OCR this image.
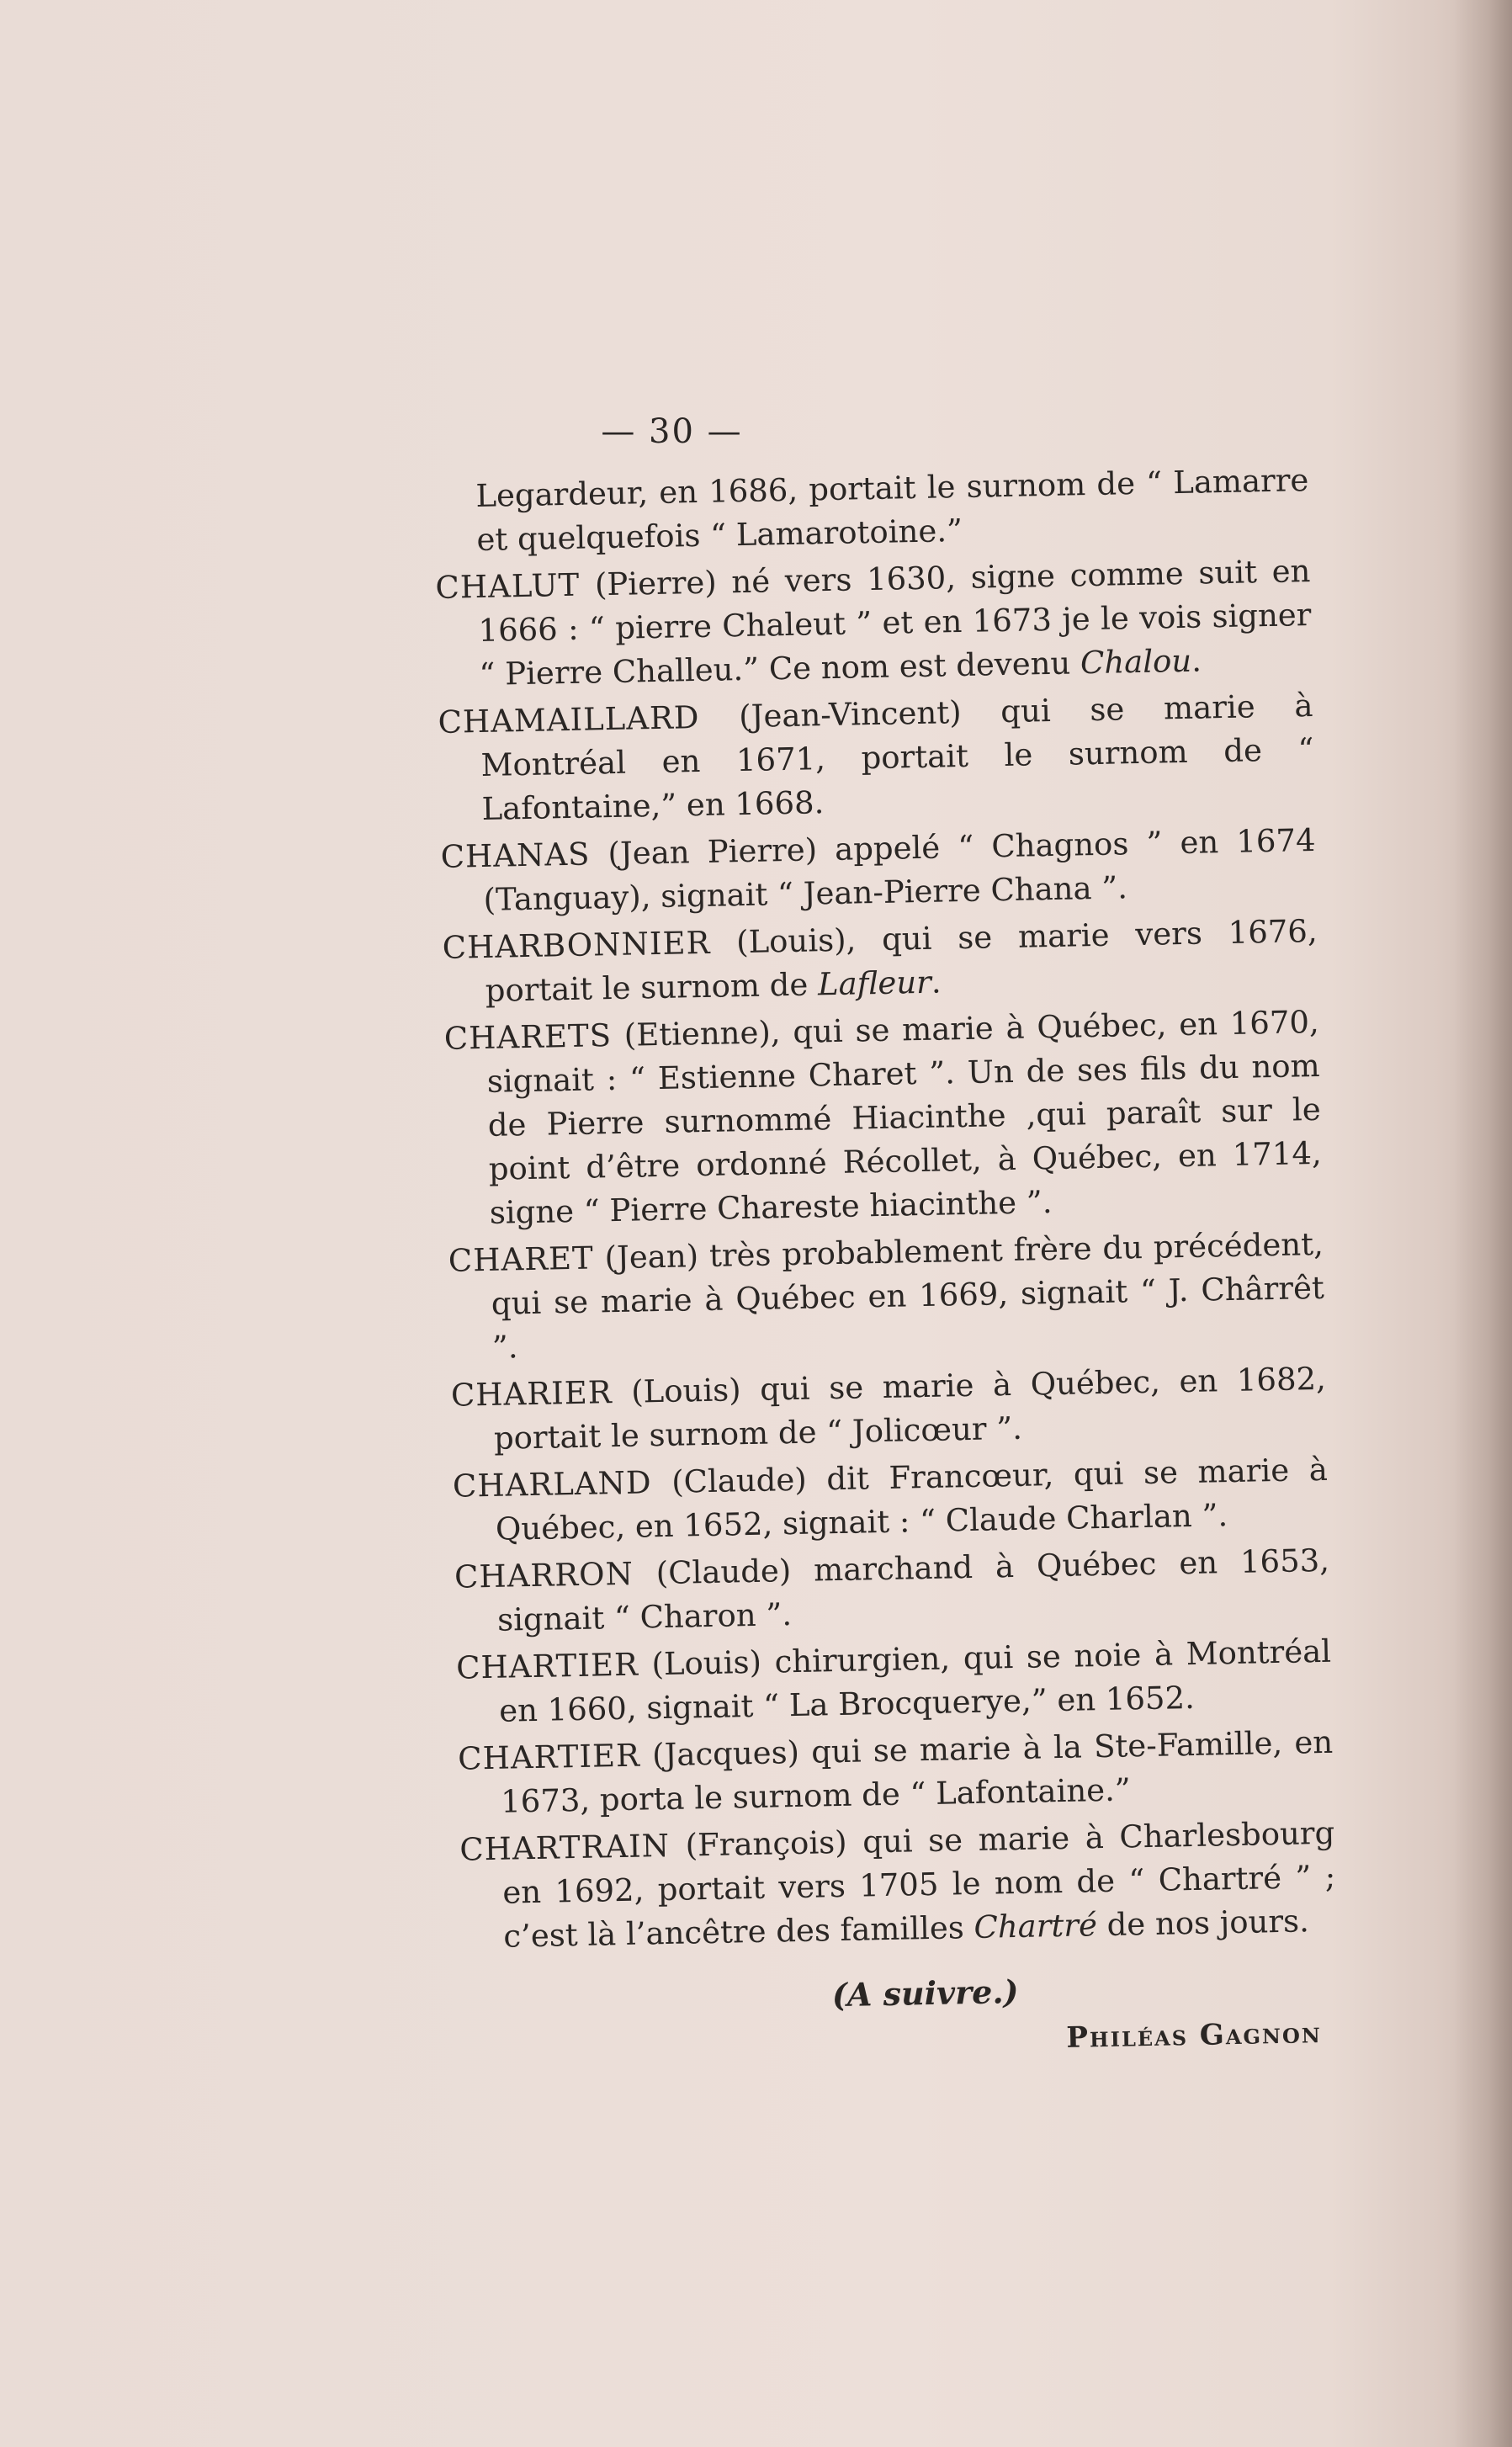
— 30 —

Legardeur, en 1686, portait le surnom de “ Lamarre et quelquefois “ Lamarotoine.”

CHALUT (Pierre) né vers 1630, signe comme suit en 1666 : “ pierre Chaleut ” et en 1673 je le vois signer “ Pierre Challeu.” Ce nom est devenu Chalou.

CHAMAILLARD (Jean-Vincent) qui se marie à Montréal en 1671, portait le surnom de “ Lafontaine,” en 1668.

CHANAS (Jean Pierre) appelé “ Chagnos ” en 1674 (Tanguay), signait “ Jean-Pierre Chana ”.

CHARBONNIER (Louis), qui se marie vers 1676, portait le surnom de Lafleur.

CHARETS (Etienne), qui se marie à Québec, en 1670, signait : “ Estienne Charet ”. Un de ses fils du nom de Pierre surnommé Hiacinthe ,qui paraît sur le point d’être ordonné Récollet, à Québec, en 1714, signe “ Pierre Chareste hiacinthe ”.

CHARET (Jean) très probablement frère du précédent, qui se marie à Québec en 1669, signait “ J. Chârrêt ”.

CHARIER (Louis) qui se marie à Québec, en 1682, portait le surnom de “ Jolicœur ”.

CHARLAND (Claude) dit Francœur, qui se marie à Québec, en 1652, signait : “ Claude Charlan ”.

CHARRON (Claude) marchand à Québec en 1653, signait “ Charon ”.

CHARTIER (Louis) chirurgien, qui se noie à Montréal en 1660, signait “ La Brocquerye,” en 1652.

CHARTIER (Jacques) qui se marie à la Ste-Famille, en 1673, porta le surnom de “ Lafontaine.”

CHARTRAIN (François) qui se marie à Charlesbourg en 1692, portait vers 1705 le nom de “ Chartré ” ; c’est là l’ancêtre des familles Chartré de nos jours.

(A suivre.)
Philéas Gagnon
